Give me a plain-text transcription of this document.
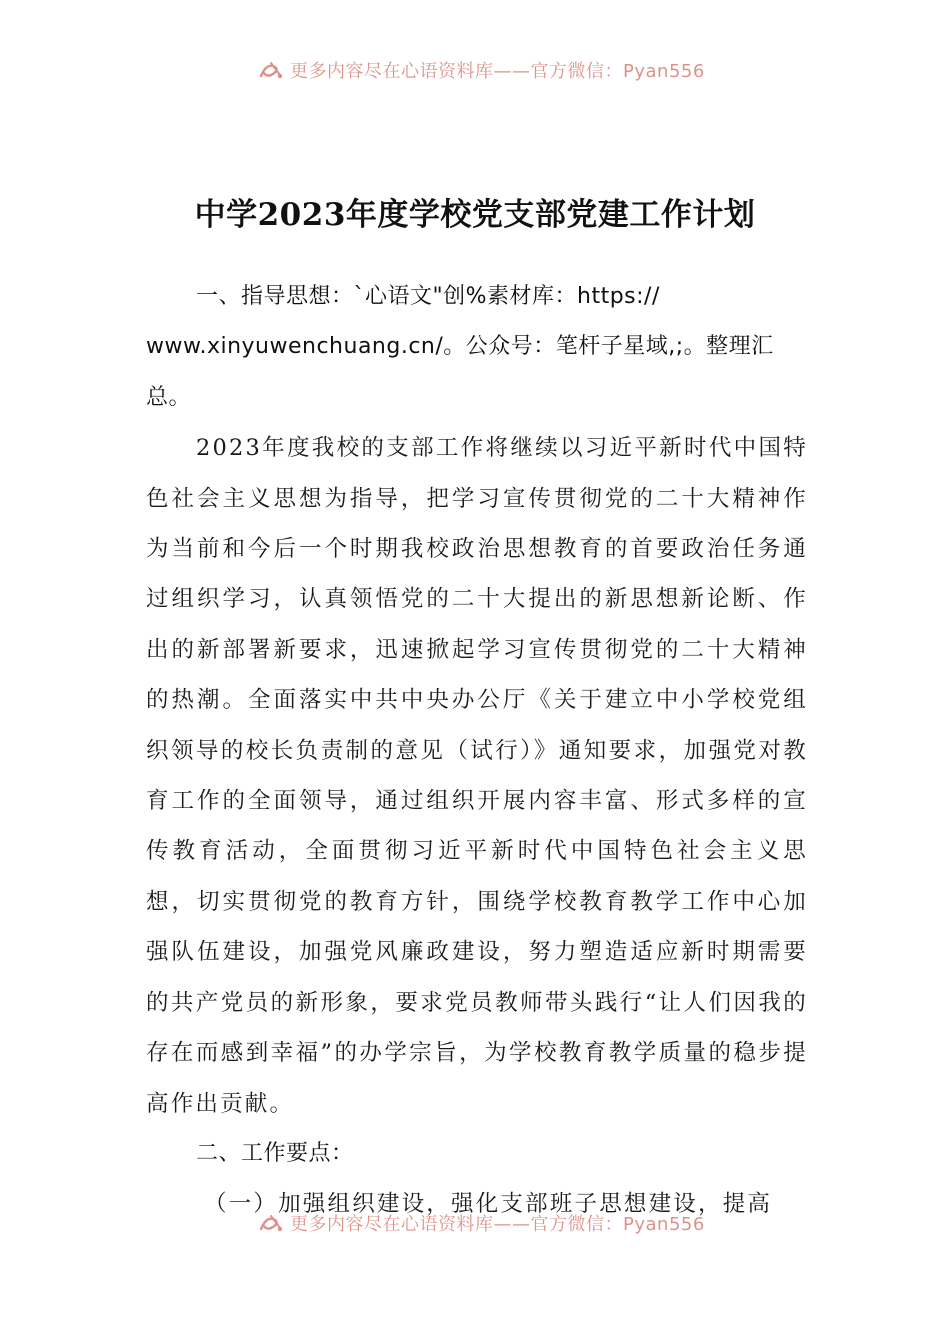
更多内容尽在心语资料库——官方微信：Pyan556
中学2023年度学校党支部党建工作计划

一、指导思想：`心语文"创%素材库：https:// www.xinyuwenchuang.cn/。公众号：笔杆子星域,;。整理汇总。

2023年度我校的支部工作将继续以习近平新时代中国特色社会主义思想为指导，把学习宣传贯彻党的二十大精神作为当前和今后一个时期我校政治思想教育的首要政治任务通过组织学习，认真领悟党的二十大提出的新思想新论断、作出的新部署新要求，迅速掀起学习宣传贯彻党的二十大精神的热潮。全面落实中共中央办公厅《关于建立中小学校党组织领导的校长负责制的意见（试行）》通知要求，加强党对教育工作的全面领导，通过组织开展内容丰富、形式多样的宣传教育活动，全面贯彻习近平新时代中国特色社会主义思想，切实贯彻党的教育方针，围绕学校教育教学工作中心加强队伍建设，加强党风廉政建设，努力塑造适应新时期需要的共产党员的新形象，要求党员教师带头践行“让人们因我的存在而感到幸福”的办学宗旨，为学校教育教学质量的稳步提高作出贡献。

二、工作要点：

（一）加强组织建设，强化支部班子思想建设，提高

更多内容尽在心语资料库——官方微信：Pyan556
